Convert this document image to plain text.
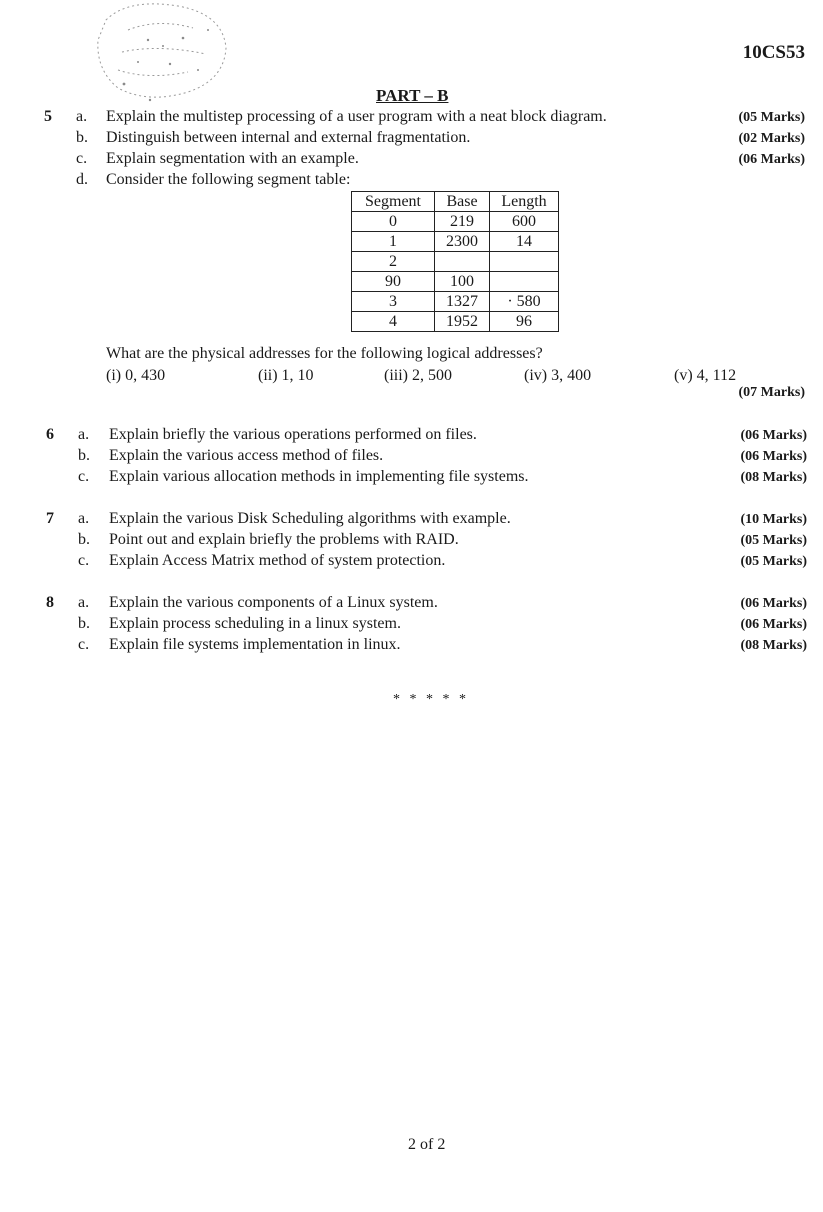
10CS53
PART – B
5 a. Explain the multistep processing of a user program with a neat block diagram.	(05 Marks)
b. Distinguish between internal and external fragmentation.	(02 Marks)
c. Explain segmentation with an example.	(06 Marks)
d. Consider the following segment table:
Segment	Base	Length
0	219	600
1	2300	14
2		
90	100	
3	1327	· 580
4	1952	96
What are the physical addresses for the following logical addresses?
(i) 0, 430	(ii) 1, 10	(iii) 2, 500	(iv) 3, 400	(v) 4, 112
(07 Marks)
6 a. Explain briefly the various operations performed on files.	(06 Marks)
b. Explain the various access method of files.	(06 Marks)
c. Explain various allocation methods in implementing file systems.	(08 Marks)
7 a. Explain the various Disk Scheduling algorithms with example.	(10 Marks)
b. Point out and explain briefly the problems with RAID.	(05 Marks)
c. Explain Access Matrix method of system protection.	(05 Marks)
8 a. Explain the various components of a Linux system.	(06 Marks)
b. Explain process scheduling in a linux system.	(06 Marks)
c. Explain file systems implementation in linux.	(08 Marks)
* * * * *
2 of 2
